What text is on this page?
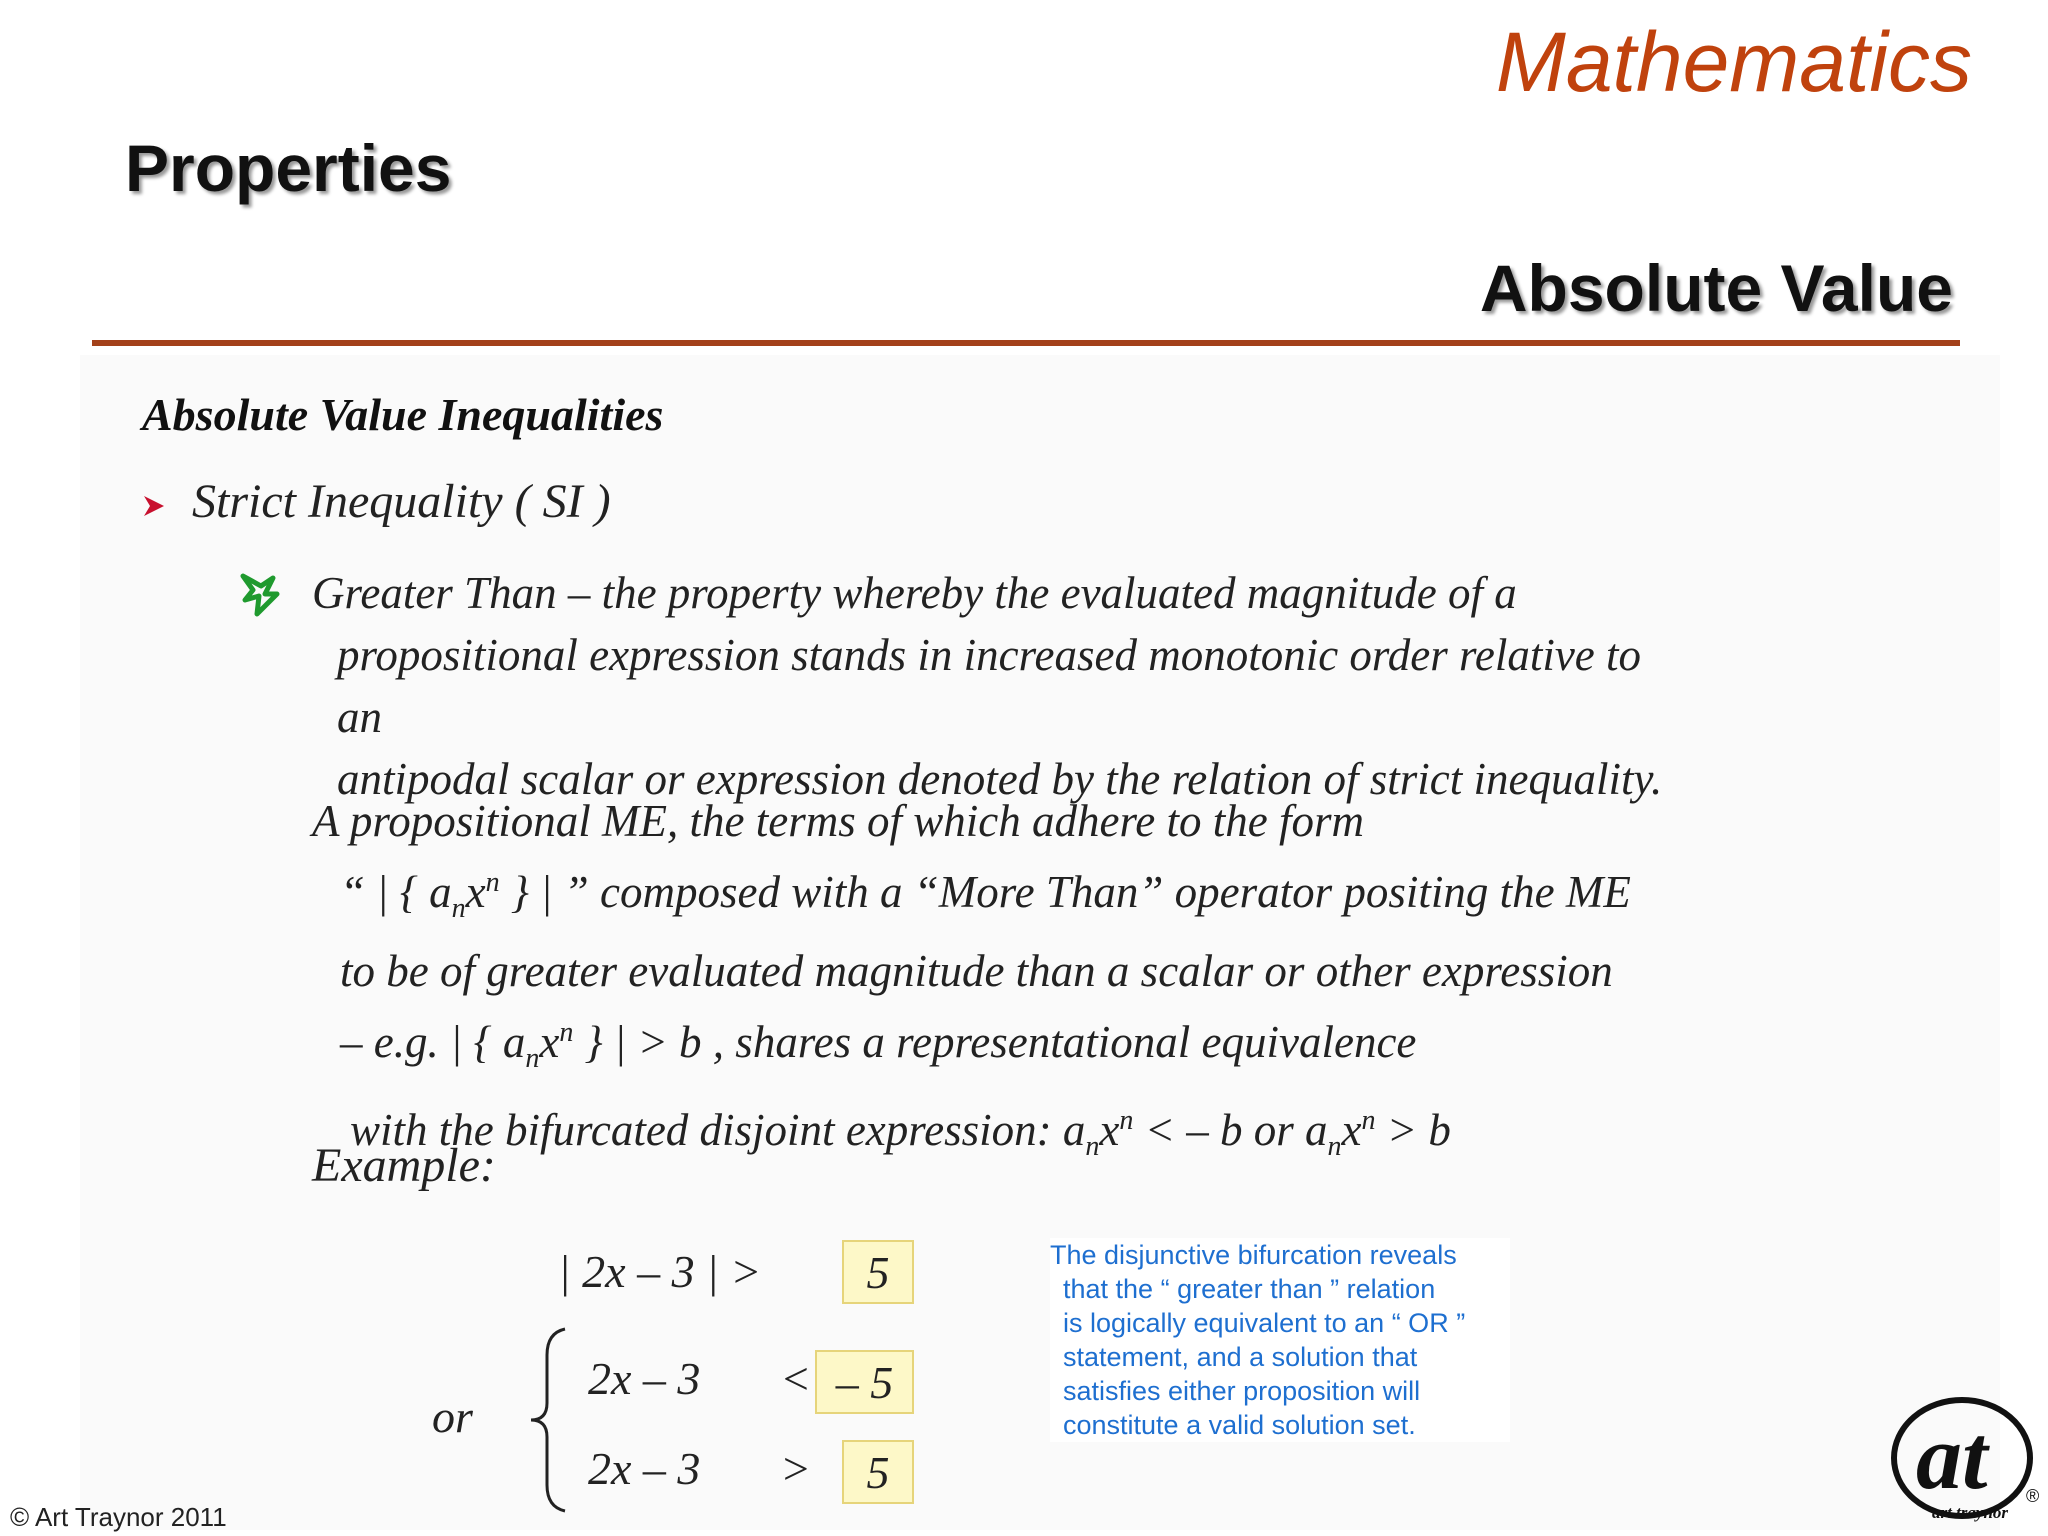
Mathematics
Properties
Absolute Value
Absolute Value Inequalities
Strict Inequality ( SI )
Greater Than – the property whereby the evaluated magnitude of a
propositional expression stands in increased monotonic order relative to an
antipodal scalar or expression denoted by the relation of strict inequality.
A propositional ME, the terms of which adhere to the form
“ | { $a_nx^n$ } | ” composed with a “More Than” operator positing the ME
to be of greater evaluated magnitude than a scalar or other expression
– e.g. | { $a_nx^n$ } | > b , shares a representational equivalence
with the bifurcated disjoint expression: $a_nx^n$ < – b or $a_nx^n > b$
Example:
| 2x – 3 | >	5
or
2x – 3 < – 5
2x – 3 >	5
The disjunctive bifurcation reveals
that the “ greater than ” relation
is logically equivalent to an “ OR ”
statement, and a solution that
satisfies either proposition will
constitute a valid solution set.
© Art Traynor 2011
at
art traynor
®
